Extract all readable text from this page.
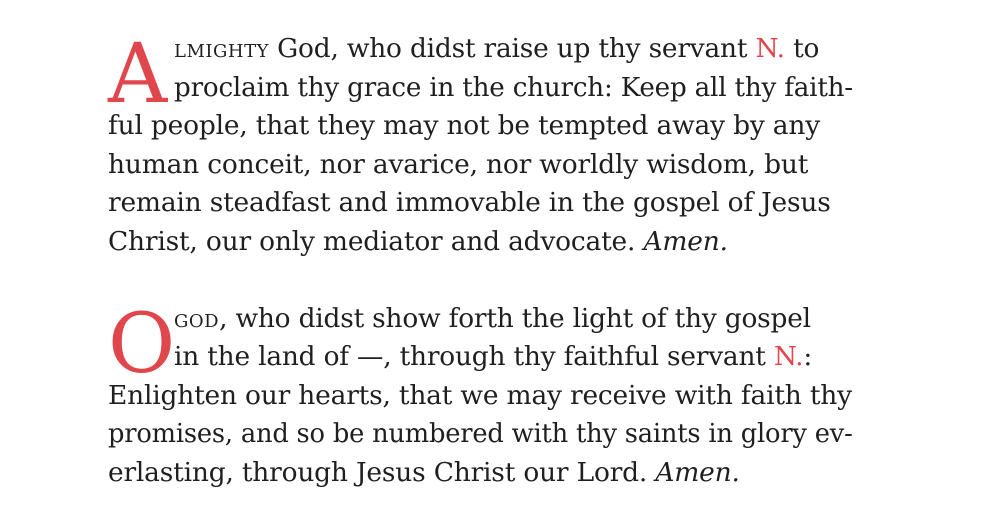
A lmighty God, who didst raise up thy servant N. to
proclaim thy grace in the church: Keep all thy faith-
ful people, that they may not be tempted away by any
human conceit, nor avarice, nor worldly wisdom, but
remain steadfast and immovable in the gospel of Jesus
Christ, our only mediator and advocate. Amen.
O
god, who didst show forth the light of thy gospel
in the land of —, through thy faithful servant N.:
Enlighten our hearts, that we may receive with faith thy
promises, and so be numbered with thy saints in glory ev-
erlasting, through Jesus Christ our Lord. Amen.
